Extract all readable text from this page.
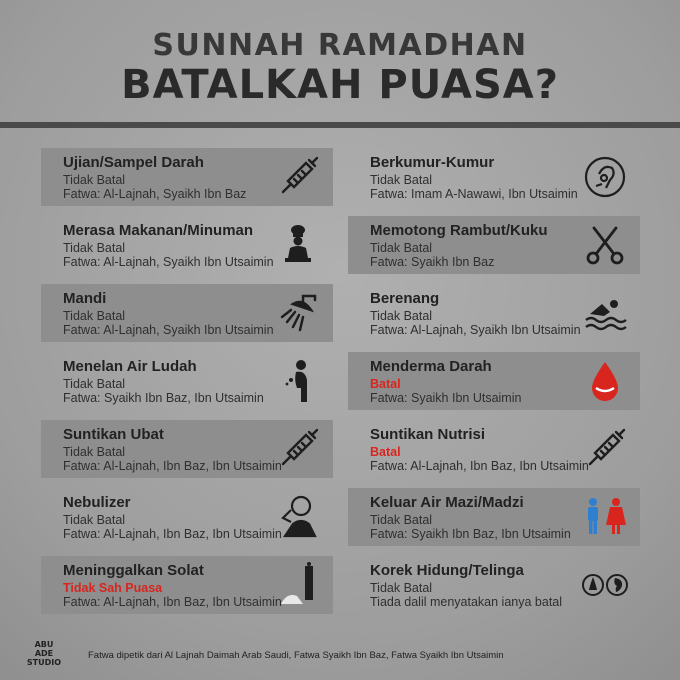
SUNNAH RAMADHAN
BATALKAH PUASA?
Ujian/Sampel Darah
Tidak Batal
Fatwa: Al-Lajnah, Syaikh Ibn Baz
Merasa Makanan/Minuman
Tidak Batal
Fatwa: Al-Lajnah, Syaikh Ibn Utsaimin
Mandi
Tidak Batal
Fatwa: Al-Lajnah, Syaikh Ibn Utsaimin
Menelan Air Ludah
Tidak Batal
Fatwa: Syaikh Ibn Baz, Ibn Utsaimin
Suntikan Ubat
Tidak Batal
Fatwa: Al-Lajnah, Ibn Baz, Ibn Utsaimin
Nebulizer
Tidak Batal
Fatwa: Al-Lajnah, Ibn Baz, Ibn Utsaimin
Meninggalkan Solat
Tidak Sah Puasa
Fatwa: Al-Lajnah, Ibn Baz, Ibn Utsaimin
Berkumur-Kumur
Tidak Batal
Fatwa: Imam A-Nawawi, Ibn Utsaimin
Memotong Rambut/Kuku
Tidak Batal
Fatwa: Syaikh Ibn Baz
Berenang
Tidak Batal
Fatwa: Al-Lajnah, Syaikh Ibn Utsaimin
Menderma Darah
Batal
Fatwa: Syaikh Ibn Utsaimin
Suntikan Nutrisi
Batal
Fatwa: Al-Lajnah, Ibn Baz, Ibn Utsaimin
Keluar Air Mazi/Madzi
Tidak Batal
Fatwa: Syaikh Ibn Baz, Ibn Utsaimin
Korek Hidung/Telinga
Tidak Batal
Tiada dalil menyatakan ianya batal
ABU ADE STUDIO
Fatwa dipetik dari Al Lajnah Daimah Arab Saudi, Fatwa Syaikh Ibn Baz, Fatwa Syaikh Ibn Utsaimin
